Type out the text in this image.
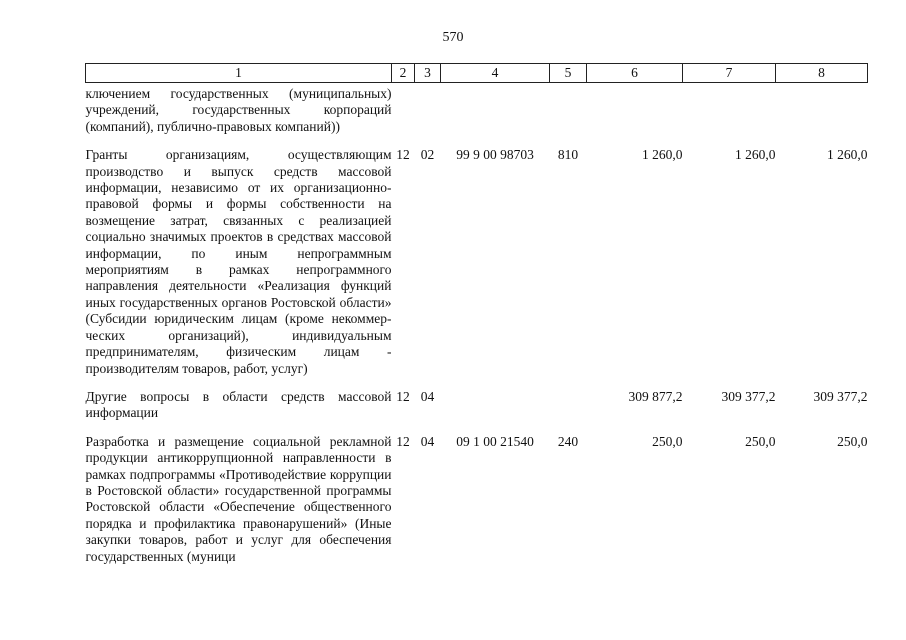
570
1	2	3	4	5	6	7	8
ключением государственных (муниципальных) учреждений, государственных корпораций (компаний), публично-правовых компаний))							

Гранты организациям, осуществляющим производство и выпуск средств массовой информации, независимо от их организационно-правовой формы и формы собственности на возмещение затрат, связанных с реализацией социально значимых проектов в средствах массовой информации, по иным непрограммным мероприятиям в рамках непрограммного направления деятельности «Реализация функций иных государственных органов Ростовской области» (Субсидии юридическим лицам (кроме некоммерческих организаций), индивидуальным предпринимателям, физическим лицам - производителям товаров, работ, услуг)	12	02	99 9 00 98703	810	1 260,0	1 260,0	1 260,0

Другие вопросы в области средств массовой информации	12	04			309 877,2	309 377,2	309 377,2

Разработка и размещение социальной рекламной продукции антикоррупционной направленности в рамках подпрограммы «Противодействие коррупции в Ростовской области» государственной программы Ростовской области «Обеспечение общественного порядка и профилактика правонарушений» (Иные закупки товаров, работ и услуг для обеспечения государственных (муници	12	04	09 1 00 21540	240	250,0	250,0	250,0
